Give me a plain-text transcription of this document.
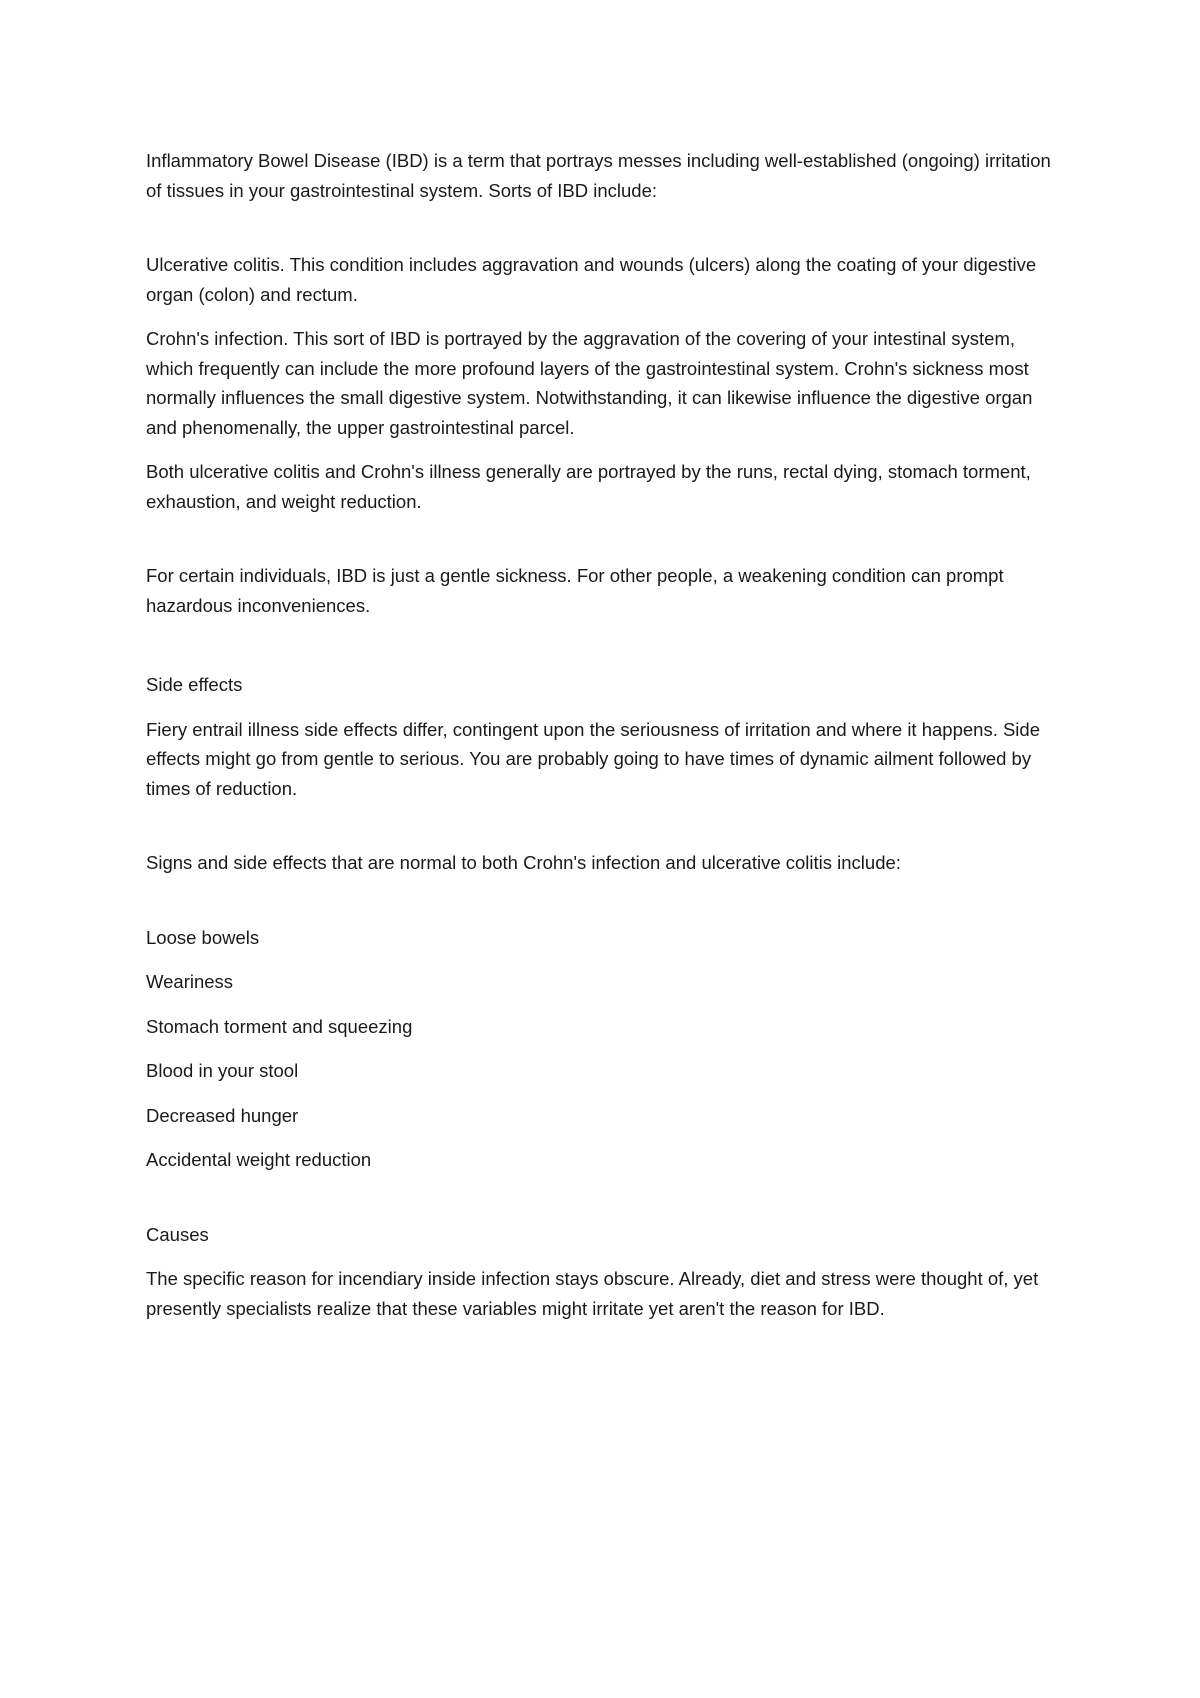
Inflammatory Bowel Disease (IBD) is a term that portrays messes including well-established (ongoing) irritation of tissues in your gastrointestinal system. Sorts of IBD include:

Ulcerative colitis. This condition includes aggravation and wounds (ulcers) along the coating of your digestive organ (colon) and rectum.

Crohn's infection. This sort of IBD is portrayed by the aggravation of the covering of your intestinal system, which frequently can include the more profound layers of the gastrointestinal system. Crohn's sickness most normally influences the small digestive system. Notwithstanding, it can likewise influence the digestive organ and phenomenally, the upper gastrointestinal parcel.

Both ulcerative colitis and Crohn's illness generally are portrayed by the runs, rectal dying, stomach torment, exhaustion, and weight reduction.

For certain individuals, IBD is just a gentle sickness. For other people, a weakening condition can prompt hazardous inconveniences.

Side effects

Fiery entrail illness side effects differ, contingent upon the seriousness of irritation and where it happens. Side effects might go from gentle to serious. You are probably going to have times of dynamic ailment followed by times of reduction.

Signs and side effects that are normal to both Crohn's infection and ulcerative colitis include:

Loose bowels

Weariness

Stomach torment and squeezing

Blood in your stool

Decreased hunger

Accidental weight reduction

Causes

The specific reason for incendiary inside infection stays obscure. Already, diet and stress were thought of, yet presently specialists realize that these variables might irritate yet aren't the reason for IBD.
